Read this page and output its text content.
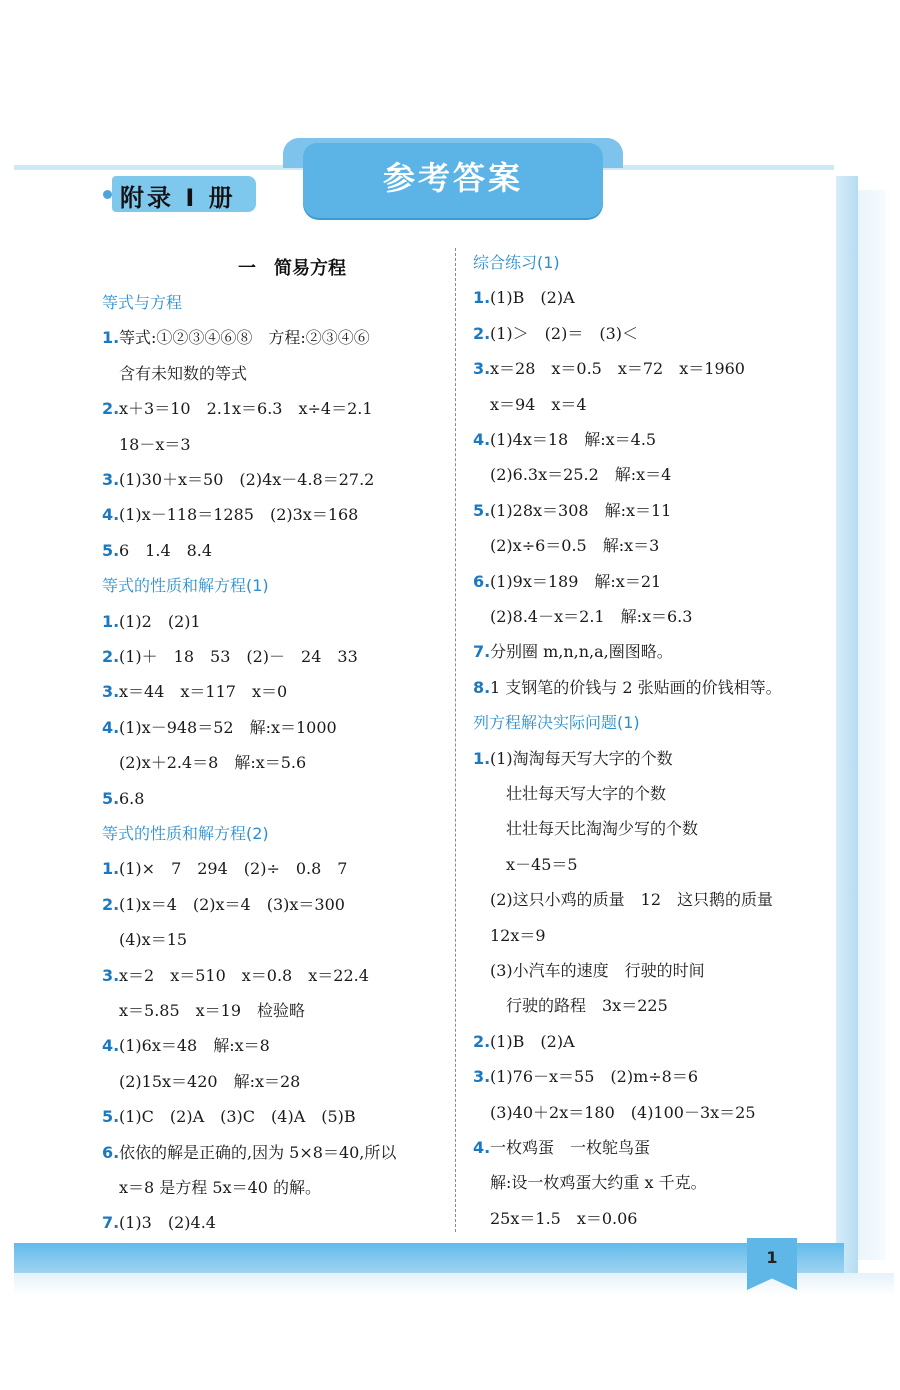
参考答案
附录 I 册
一　简易方程
等式与方程
1.等式:①②③④⑥⑧　方程:②③④⑥
含有未知数的等式
2.x＋3＝10　2.1x＝6.3　x÷4＝2.1
18－x＝3
3.(1)30＋x＝50　(2)4x－4.8＝27.2
4.(1)x－118＝1285　(2)3x＝168
5.6　1.4　8.4
等式的性质和解方程(1)
1.(1)2　(2)1
2.(1)＋　18　53　(2)－　24　33
3.x＝44　x＝117　x＝0
4.(1)x－948＝52　解:x＝1000
(2)x＋2.4＝8　解:x＝5.6
5.6.8
等式的性质和解方程(2)
1.(1)×　7　294　(2)÷　0.8　7
2.(1)x＝4　(2)x＝4　(3)x＝300
(4)x＝15
3.x＝2　x＝510　x＝0.8　x＝22.4
x＝5.85　x＝19　检验略
4.(1)6x＝48　解:x＝8
(2)15x＝420　解:x＝28
5.(1)C　(2)A　(3)C　(4)A　(5)B
6.依依的解是正确的,因为 5×8＝40,所以
x＝8 是方程 5x＝40 的解。
7.(1)3　(2)4.4
综合练习(1)
1.(1)B　(2)A
2.(1)＞　(2)＝　(3)＜
3.x＝28　x＝0.5　x＝72　x＝1960
x＝94　x＝4
4.(1)4x＝18　解:x＝4.5
(2)6.3x＝25.2　解:x＝4
5.(1)28x＝308　解:x＝11
(2)x÷6＝0.5　解:x＝3
6.(1)9x＝189　解:x＝21
(2)8.4－x＝2.1　解:x＝6.3
7.分别圈 m,n,n,a,圈图略。
8.1 支钢笔的价钱与 2 张贴画的价钱相等。
列方程解决实际问题(1)
1.(1)淘淘每天写大字的个数
　壮壮每天写大字的个数
　壮壮每天比淘淘少写的个数
　x－45＝5
(2)这只小鸡的质量　12　这只鹅的质量
12x＝9
(3)小汽车的速度　行驶的时间
　行驶的路程　3x＝225
2.(1)B　(2)A
3.(1)76－x＝55　(2)m÷8＝6
(3)40＋2x＝180　(4)100－3x＝25
4.一枚鸡蛋　一枚鸵鸟蛋
解:设一枚鸡蛋大约重 x 千克。
25x＝1.5　x＝0.06
1
